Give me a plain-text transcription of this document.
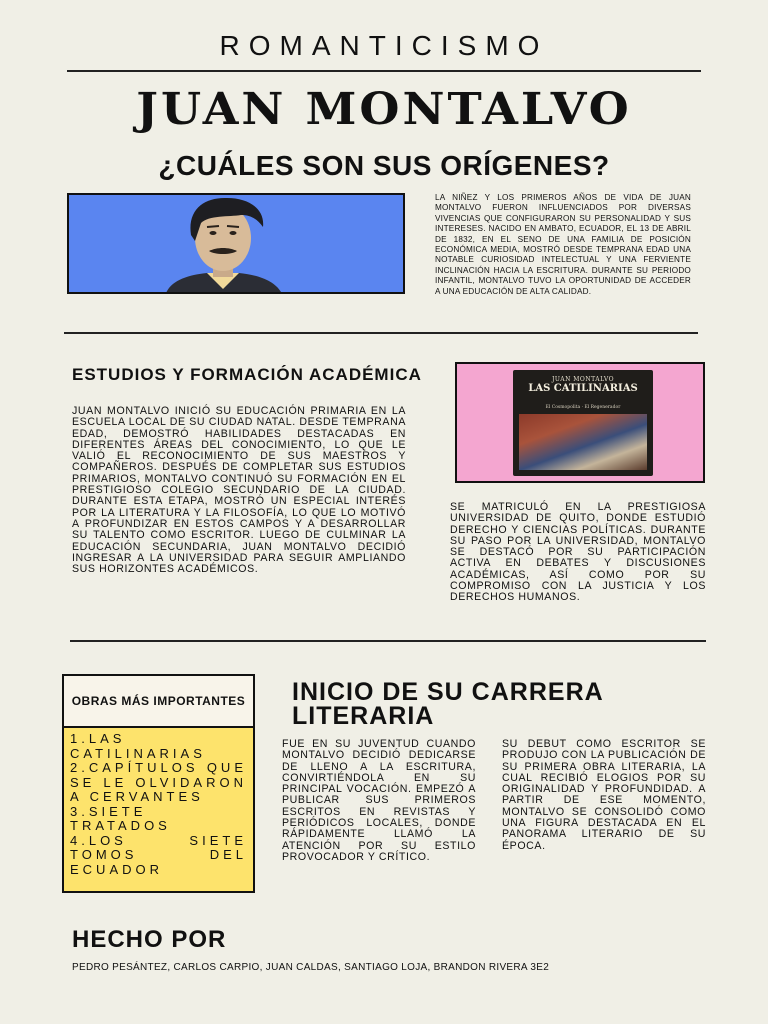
ROMANTICISMO
JUAN MONTALVO
¿CUÁLES SON SUS ORÍGENES?
LA NIÑEZ Y LOS PRIMEROS AÑOS DE VIDA DE JUAN MONTALVO FUERON INFLUENCIADOS POR DIVERSAS VIVENCIAS QUE CONFIGURARON SU PERSONALIDAD Y SUS INTERESES. NACIDO EN AMBATO, ECUADOR, EL 13 DE ABRIL DE 1832, EN EL SENO DE UNA FAMILIA DE POSICIÓN ECONÓMICA MEDIA, MOSTRÓ DESDE TEMPRANA EDAD UNA NOTABLE CURIOSIDAD INTELECTUAL Y UNA FERVIENTE INCLINACIÓN HACIA LA ESCRITURA. DURANTE SU PERIODO INFANTIL, MONTALVO TUVO LA OPORTUNIDAD DE ACCEDER A UNA EDUCACIÓN DE ALTA CALIDAD.
ESTUDIOS Y FORMACIÓN ACADÉMICA
JUAN MONTALVO INICIÓ SU EDUCACIÓN PRIMARIA EN LA ESCUELA LOCAL DE SU CIUDAD NATAL. DESDE TEMPRANA EDAD, DEMOSTRÓ HABILIDADES DESTACADAS EN DIFERENTES ÁREAS DEL CONOCIMIENTO, LO QUE LE VALIÓ EL RECONOCIMIENTO DE SUS MAESTROS Y COMPAÑEROS. DESPUÉS DE COMPLETAR SUS ESTUDIOS PRIMARIOS, MONTALVO CONTINUÓ SU FORMACIÓN EN EL PRESTIGIOSO COLEGIO SECUNDARIO DE LA CIUDAD. DURANTE ESTA ETAPA, MOSTRÓ UN ESPECIAL INTERÉS POR LA LITERATURA Y LA FILOSOFÍA, LO QUE LO MOTIVÓ A PROFUNDIZAR EN ESTOS CAMPOS Y A DESARROLLAR SU TALENTO COMO ESCRITOR. LUEGO DE CULMINAR LA EDUCACIÓN SECUNDARIA, JUAN MONTALVO DECIDIÓ INGRESAR A LA UNIVERSIDAD PARA SEGUIR AMPLIANDO SUS HORIZONTES ACADÉMICOS.
JUAN MONTALVO
LAS CATILINARIAS
El Cosmopolita · El Regenerador
SE MATRICULÓ EN LA PRESTIGIOSA UNIVERSIDAD DE QUITO, DONDE ESTUDIÓ DERECHO Y CIENCIAS POLÍTICAS. DURANTE SU PASO POR LA UNIVERSIDAD, MONTALVO SE DESTACÓ POR SU PARTICIPACIÓN ACTIVA EN DEBATES Y DISCUSIONES ACADÉMICAS, ASÍ COMO POR SU COMPROMISO CON LA JUSTICIA Y LOS DERECHOS HUMANOS.
OBRAS MÁS IMPORTANTES
1.LAS CATILINARIAS
2.CAPÍTULOS QUE SE LE OLVIDARON A CERVANTES
3.SIETE TRATADOS
4.LOS SIETE TOMOS DEL ECUADOR
INICIO DE SU CARRERA LITERARIA
FUE EN SU JUVENTUD CUANDO MONTALVO DECIDIÓ DEDICARSE DE LLENO A LA ESCRITURA, CONVIRTIÉNDOLA EN SU PRINCIPAL VOCACIÓN. EMPEZÓ A PUBLICAR SUS PRIMEROS ESCRITOS EN REVISTAS Y PERIÓDICOS LOCALES, DONDE RÁPIDAMENTE LLAMÓ LA ATENCIÓN POR SU ESTILO PROVOCADOR Y CRÍTICO.
SU DEBUT COMO ESCRITOR SE PRODUJO CON LA PUBLICACIÓN DE SU PRIMERA OBRA LITERARIA, LA CUAL RECIBIÓ ELOGIOS POR SU ORIGINALIDAD Y PROFUNDIDAD. A PARTIR DE ESE MOMENTO, MONTALVO SE CONSOLIDÓ COMO UNA FIGURA DESTACADA EN EL PANORAMA LITERARIO DE SU ÉPOCA.
HECHO POR
PEDRO PESÁNTEZ, CARLOS CARPIO, JUAN CALDAS, SANTIAGO LOJA, BRANDON RIVERA 3E2
